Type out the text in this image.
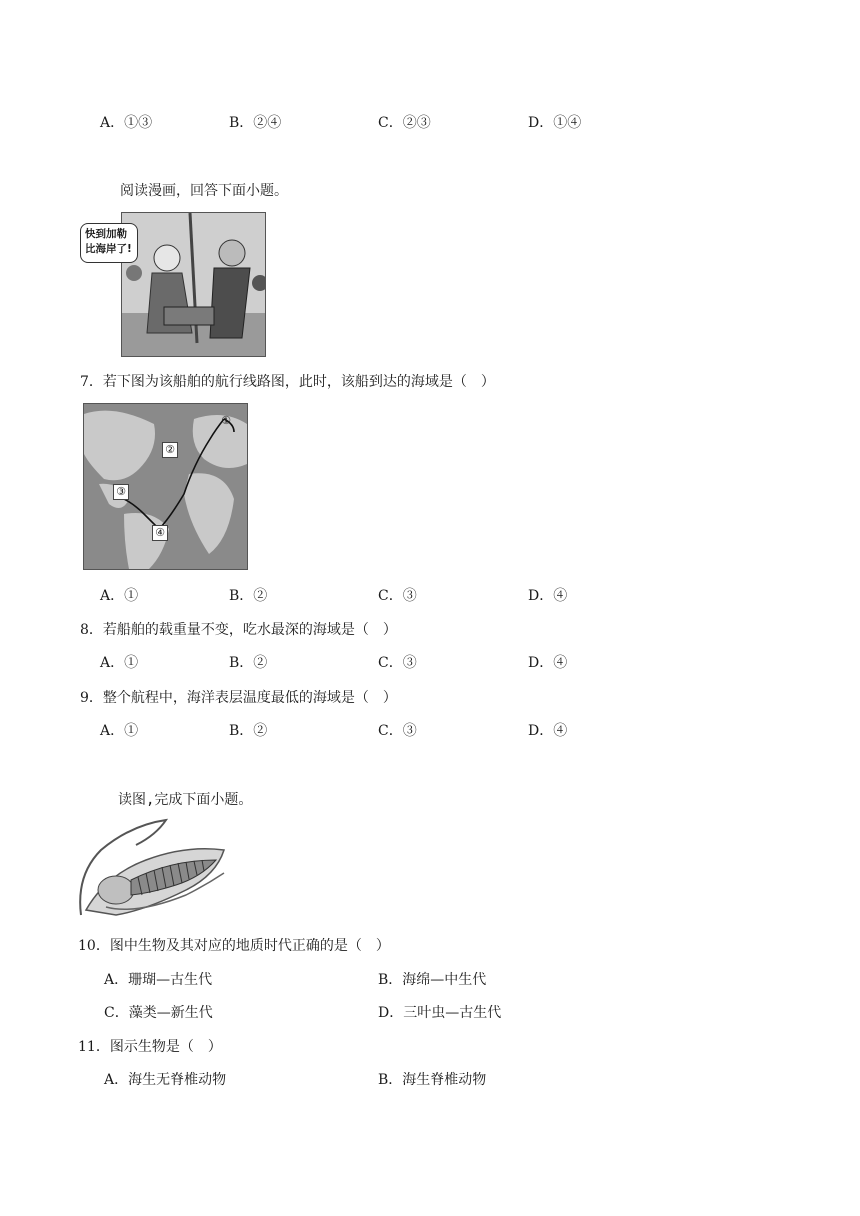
A．①③	B．②④	C．②③	D．①④
阅读漫画，回答下面小题。
快到加勒比海岸了!
7．若下图为该船舶的航行线路图，此时，该船到达的海域是（　）
①
②
③
④
A．①	B．②	C．③	D．④
8．若船舶的载重量不变，吃水最深的海域是（　）
A．①	B．②	C．③	D．④
9．整个航程中，海洋表层温度最低的海域是（　）
A．①	B．②	C．③	D．④
读图,完成下面小题。
10．图中生物及其对应的地质时代正确的是（　）
A．珊瑚—古生代	B．海绵—中生代
C．藻类—新生代	D．三叶虫—古生代
11．图示生物是（　）
A．海生无脊椎动物	B．海生脊椎动物
